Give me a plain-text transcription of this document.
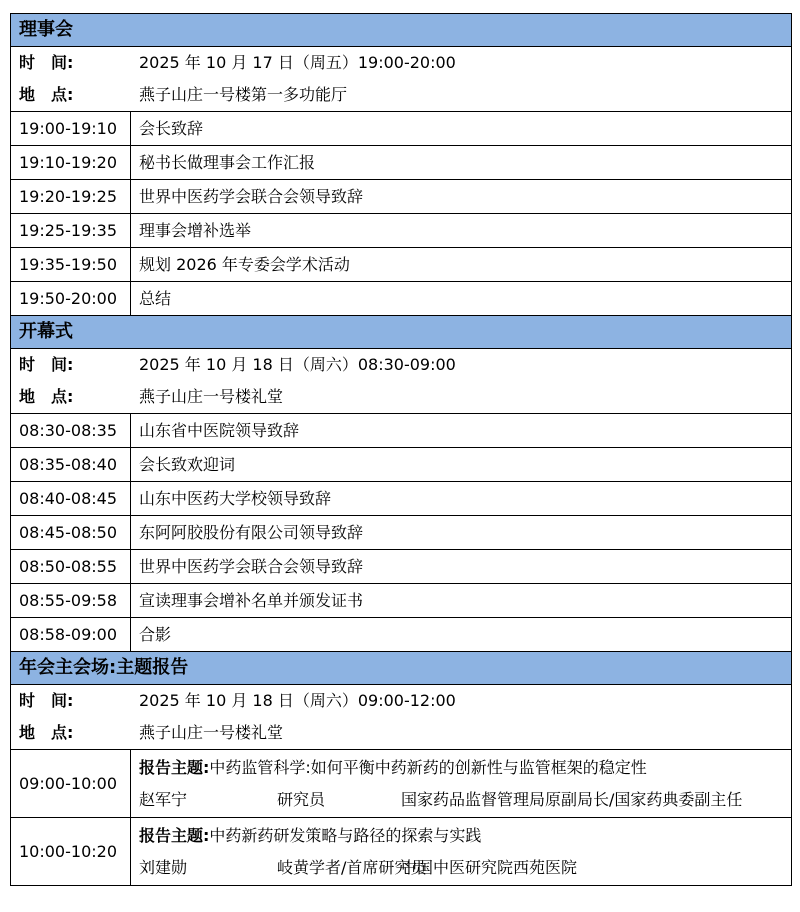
理事会	

时　间: 2025 年 10 月 17 日（周五）19:00-20:00
地　点: 燕子山庄一号楼第一多功能厅	

19:00-19:10	会长致辞
19:10-19:20	秘书长做理事会工作汇报
19:20-19:25	世界中医药学会联合会领导致辞
19:25-19:35	理事会增补选举
19:35-19:50	规划 2026 年专委会学术活动
19:50-20:00	总结
开幕式	

时　间: 2025 年 10 月 18 日（周六）08:30-09:00
地　点: 燕子山庄一号楼礼堂	

08:30-08:35	山东省中医院领导致辞
08:35-08:40	会长致欢迎词
08:40-08:45	山东中医药大学校领导致辞
08:45-08:50	东阿阿胶股份有限公司领导致辞
08:50-08:55	世界中医药学会联合会领导致辞
08:55-09:58	宣读理事会增补名单并颁发证书
08:58-09:00	合影
年会主会场:主题报告	

时　间: 2025 年 10 月 18 日（周六）09:00-12:00
地　点: 燕子山庄一号楼礼堂	

09:00-10:00	报告主题: 中药监管科学:如何平衡中药新药的创新性与监管框架的稳定性
赵军宁 研究员 国家药品监督管理局原副局长/国家药典委副主任

10:00-10:20	报告主题: 中药新药研发策略与路径的探索与实践
刘建勋 岐黄学者/首席研究员
中国中医研究院西苑医院
